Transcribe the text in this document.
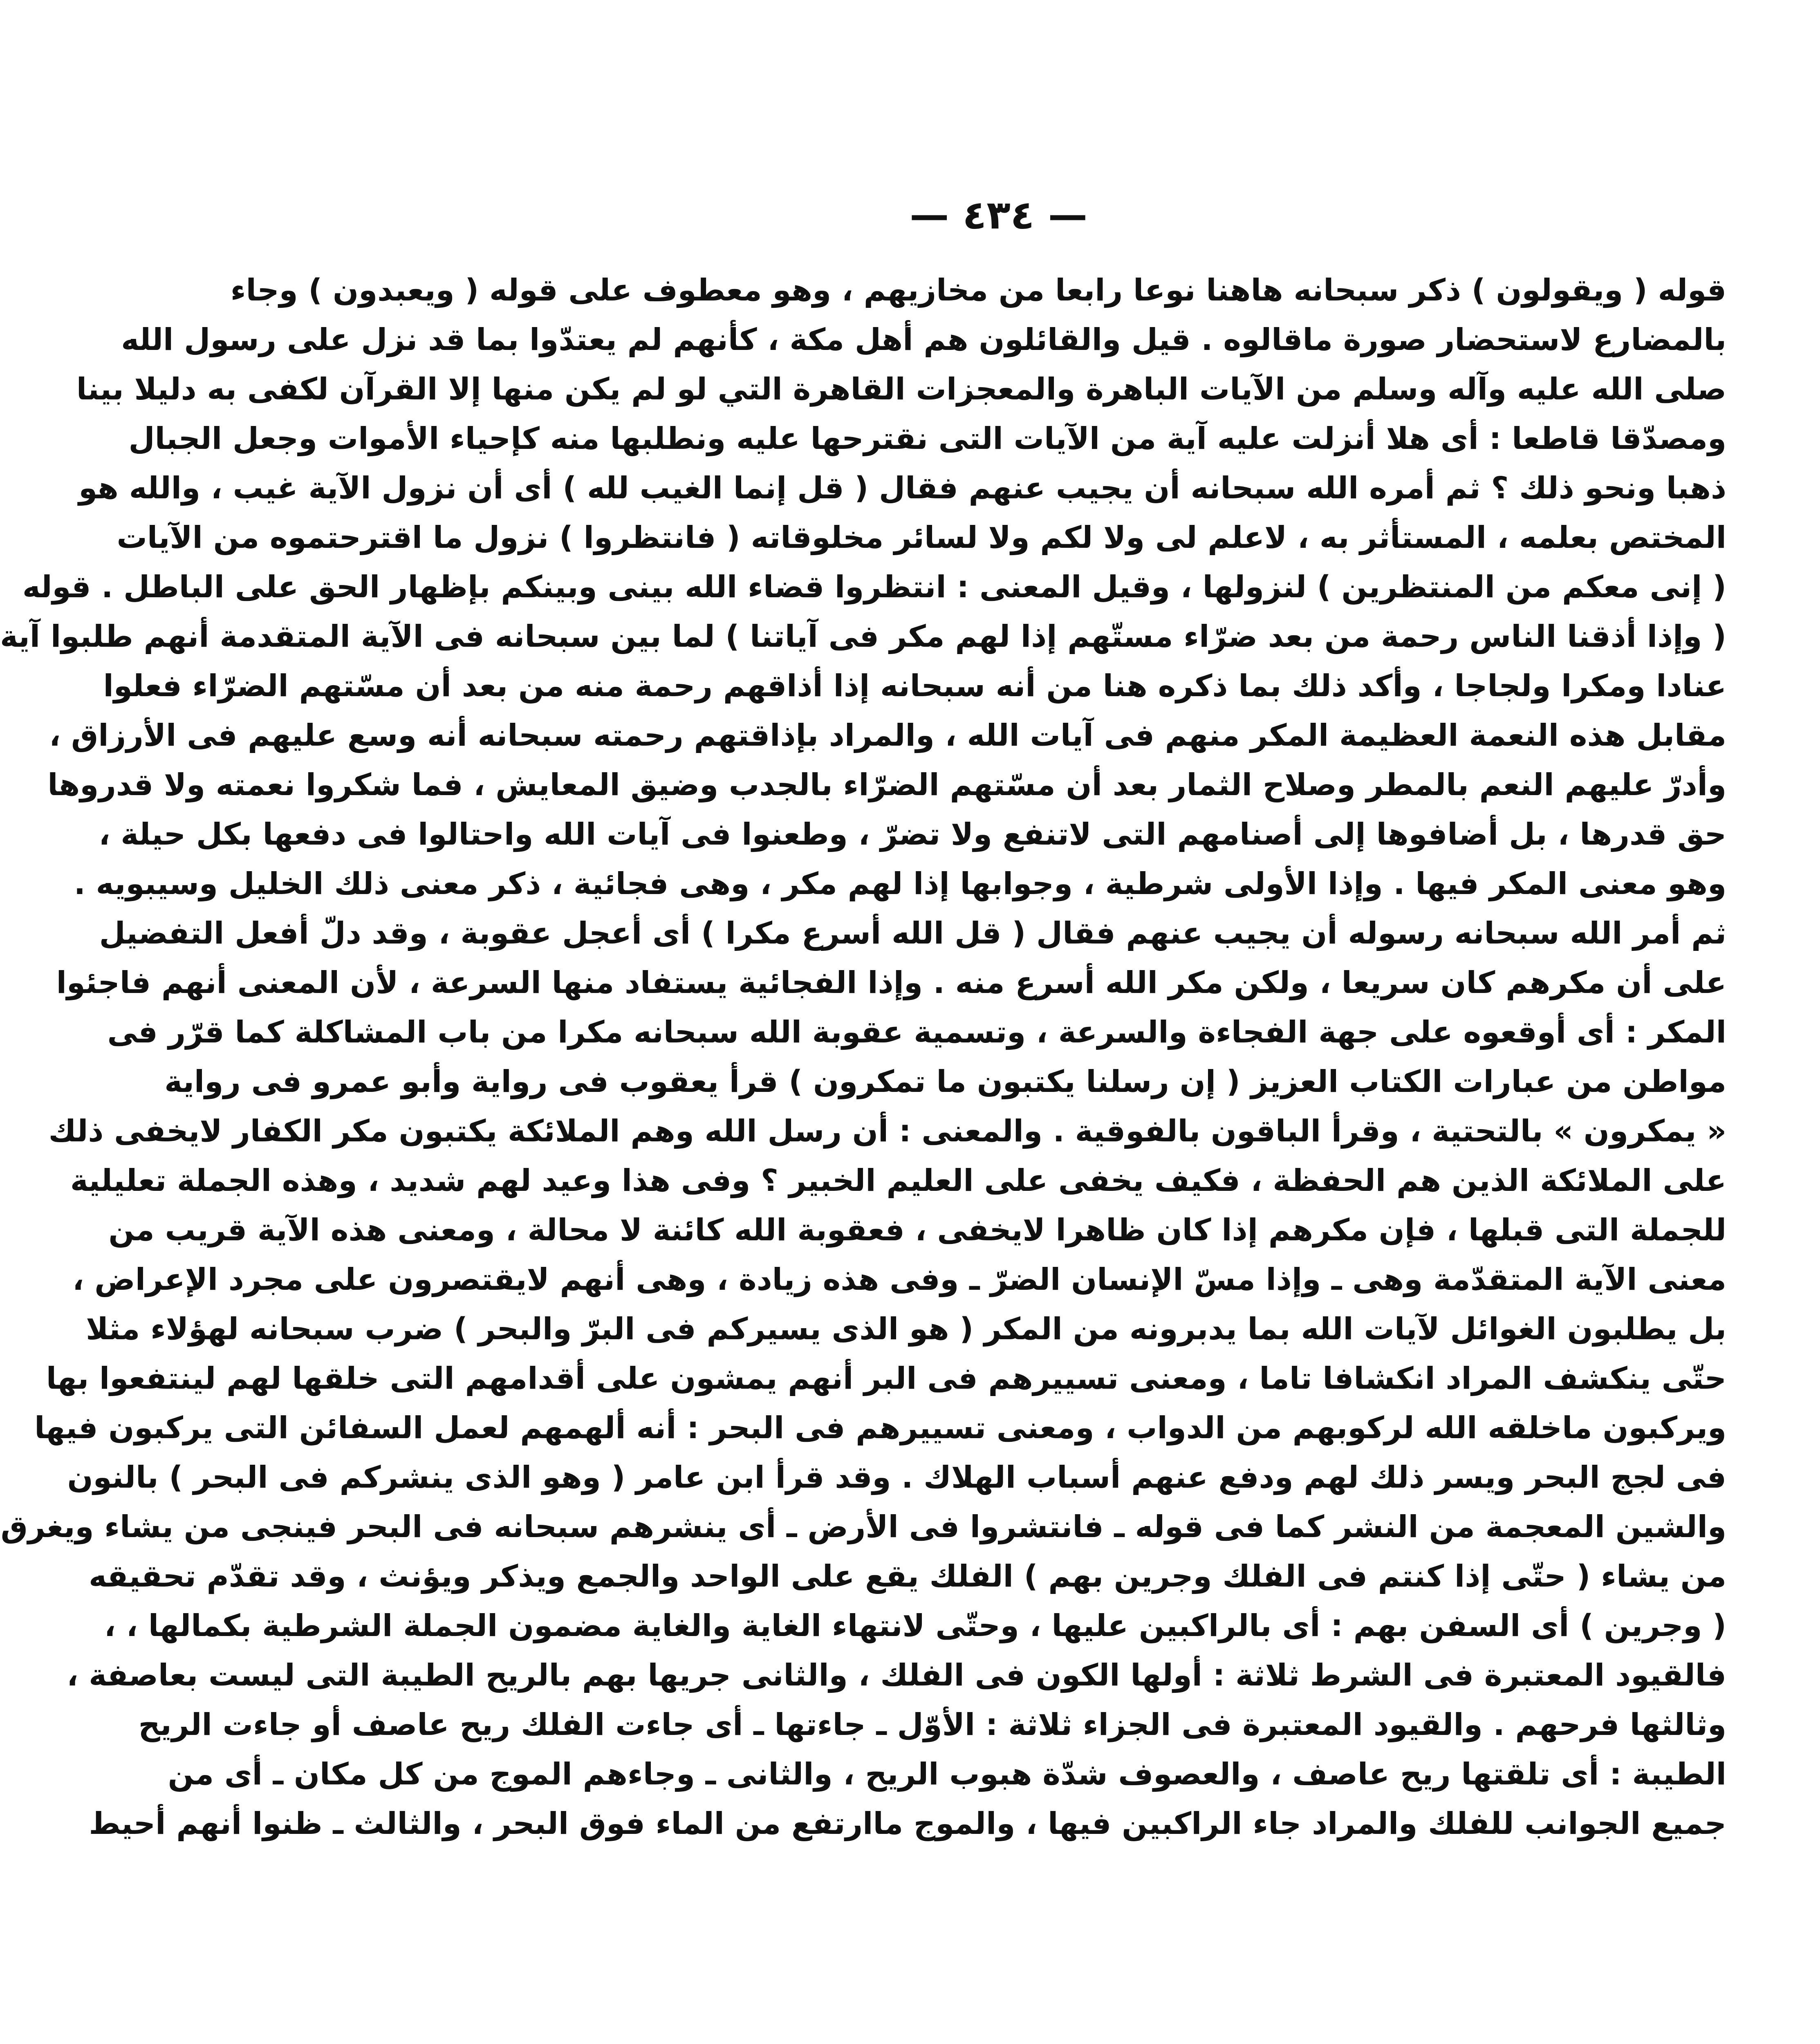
— ٤٣٤ —
قوله ( ويقولون ) ذكر سبحانه هاهنا نوعا رابعا من مخازيهم ، وهو معطوف على قوله ( ويعبدون ) وجاء
بالمضارع لاستحضار صورة ماقالوه . قيل والقائلون هم أهل مكة ، كأنهم لم يعتدّوا بما قد نزل على رسول الله
صلى الله عليه وآله وسلم من الآيات الباهرة والمعجزات القاهرة التي لو لم يكن منها إلا القرآن لكفى به دليلا بينا
ومصدّقا قاطعا : أى هلا أنزلت عليه آية من الآيات التى نقترحها عليه ونطلبها منه كإحياء الأموات وجعل الجبال
ذهبا ونحو ذلك ؟ ثم أمره الله سبحانه أن يجيب عنهم فقال ( قل إنما الغيب لله ) أى أن نزول الآية غيب ، والله هو
المختص بعلمه ، المستأثر به ، لاعلم لى ولا لكم ولا لسائر مخلوقاته ( فانتظروا ) نزول ما اقترحتموه من الآيات
( إنى معكم من المنتظرين ) لنزولها ، وقيل المعنى : انتظروا قضاء الله بينى وبينكم بإظهار الحق على الباطل . قوله
( وإذا أذقنا الناس رحمة من بعد ضرّاء مستّهم إذا لهم مكر فى آياتنا ) لما بين سبحانه فى الآية المتقدمة أنهم طلبوا آية
عنادا ومكرا ولجاجا ، وأكد ذلك بما ذكره هنا من أنه سبحانه إذا أذاقهم رحمة منه من بعد أن مسّتهم الضرّاء فعلوا
مقابل هذه النعمة العظيمة المكر منهم فى آيات الله ، والمراد بإذاقتهم رحمته سبحانه أنه وسع عليهم فى الأرزاق ،
وأدرّ عليهم النعم بالمطر وصلاح الثمار بعد أن مسّتهم الضرّاء بالجدب وضيق المعايش ، فما شكروا نعمته ولا قدروها
حق قدرها ، بل أضافوها إلى أصنامهم التى لاتنفع ولا تضرّ ، وطعنوا فى آيات الله واحتالوا فى دفعها بكل حيلة ،
وهو معنى المكر فيها . وإذا الأولى شرطية ، وجوابها إذا لهم مكر ، وهى فجائية ، ذكر معنى ذلك الخليل وسيبويه .
ثم أمر الله سبحانه رسوله أن يجيب عنهم فقال ( قل الله أسرع مكرا ) أى أعجل عقوبة ، وقد دلّ أفعل التفضيل
على أن مكرهم كان سريعا ، ولكن مكر الله أسرع منه . وإذا الفجائية يستفاد منها السرعة ، لأن المعنى أنهم فاجئوا
المكر : أى أوقعوه على جهة الفجاءة والسرعة ، وتسمية عقوبة الله سبحانه مكرا من باب المشاكلة كما قرّر فى
مواطن من عبارات الكتاب العزيز ( إن رسلنا يكتبون ما تمكرون ) قرأ يعقوب فى رواية وأبو عمرو فى رواية
« يمكرون » بالتحتية ، وقرأ الباقون بالفوقية . والمعنى : أن رسل الله وهم الملائكة يكتبون مكر الكفار لايخفى ذلك
على الملائكة الذين هم الحفظة ، فكيف يخفى على العليم الخبير ؟ وفى هذا وعيد لهم شديد ، وهذه الجملة تعليلية
للجملة التى قبلها ، فإن مكرهم إذا كان ظاهرا لايخفى ، فعقوبة الله كائنة لا محالة ، ومعنى هذه الآية قريب من
معنى الآية المتقدّمة وهى ـ وإذا مسّ الإنسان الضرّ ـ وفى هذه زيادة ، وهى أنهم لايقتصرون على مجرد الإعراض ،
بل يطلبون الغوائل لآيات الله بما يدبرونه من المكر ( هو الذى يسيركم فى البرّ والبحر ) ضرب سبحانه لهؤلاء مثلا
حتّى ينكشف المراد انكشافا تاما ، ومعنى تسييرهم فى البر أنهم يمشون على أقدامهم التى خلقها لهم لينتفعوا بها
ويركبون ماخلقه الله لركوبهم من الدواب ، ومعنى تسييرهم فى البحر : أنه ألهمهم لعمل السفائن التى يركبون فيها
فى لجج البحر ويسر ذلك لهم ودفع عنهم أسباب الهلاك . وقد قرأ ابن عامر ( وهو الذى ينشركم فى البحر ) بالنون
والشين المعجمة من النشر كما فى قوله ـ فانتشروا فى الأرض ـ أى ينشرهم سبحانه فى البحر فينجى من يشاء ويغرق
من يشاء ( حتّى إذا كنتم فى الفلك وجرين بهم ) الفلك يقع على الواحد والجمع ويذكر ويؤنث ، وقد تقدّم تحقيقه
( وجرين ) أى السفن بهم : أى بالراكبين عليها ، وحتّى لانتهاء الغاية والغاية مضمون الجملة الشرطية بكمالها ، ،
فالقيود المعتبرة فى الشرط ثلاثة : أولها الكون فى الفلك ، والثانى جريها بهم بالريح الطيبة التى ليست بعاصفة ،
وثالثها فرحهم . والقيود المعتبرة فى الجزاء ثلاثة : الأوّل ـ جاءتها ـ أى جاءت الفلك ريح عاصف أو جاءت الريح
الطيبة : أى تلقتها ريح عاصف ، والعصوف شدّة هبوب الريح ، والثانى ـ وجاءهم الموج من كل مكان ـ أى من
جميع الجوانب للفلك والمراد جاء الراكبين فيها ، والموج ماارتفع من الماء فوق البحر ، والثالث ـ ظنوا أنهم أحيط
